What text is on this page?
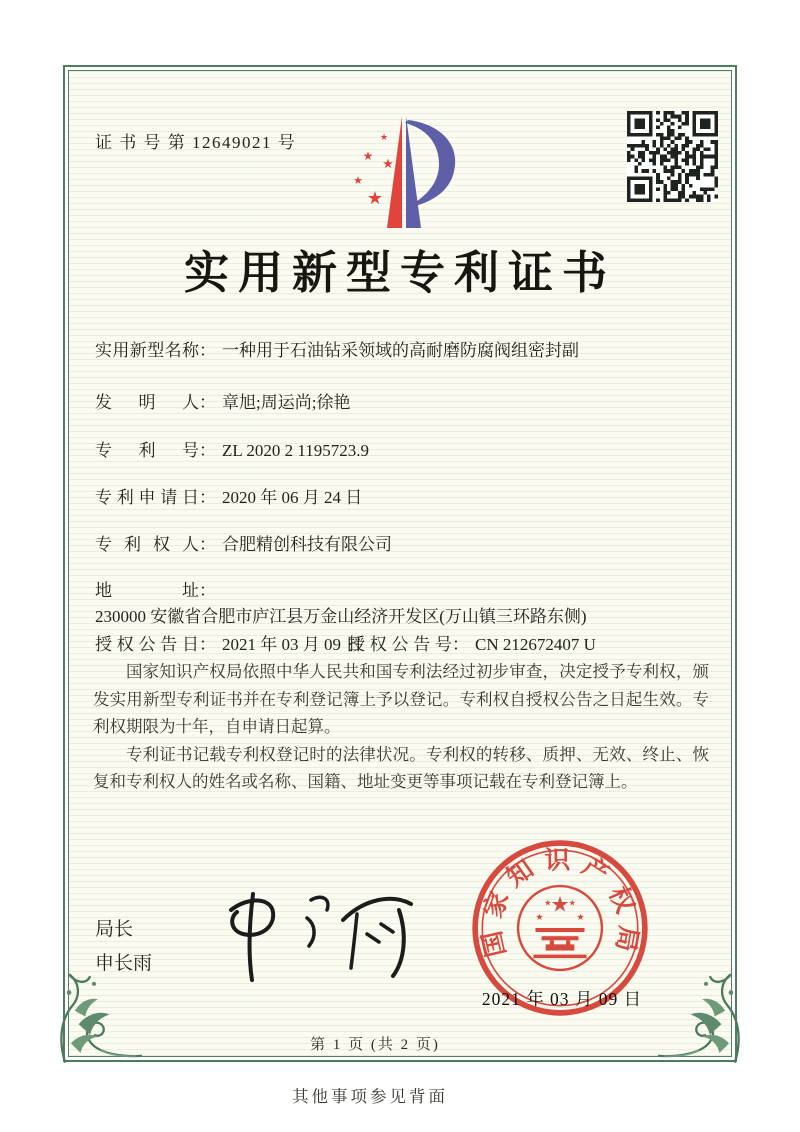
证 书 号 第 12649021 号	★
★
★
★
★
实用新型专利证书
实用新型名称： 一种用于石油钻采领域的高耐磨防腐阀组密封副
发明人： 章旭;周运尚;徐艳
专利号： ZL 2020 2 1195723.9
专利申请日： 2020 年 06 月 24 日
专利权人： 合肥精创科技有限公司
地址：230000 安徽省合肥市庐江县万金山经济开发区(万山镇三环路东侧)
授权公告日： 2021 年 03 月 09 日
授权公告号： CN 212672407 U

国家知识产权局依照中华人民共和国专利法经过初步审查，决定授予专利权，颁发实用新型专利证书并在专利登记簿上予以登记。专利权自授权公告之日起生效。专利权期限为十年，自申请日起算。

专利证书记载专利权登记时的法律状况。专利权的转移、质押、无效、终止、恢复和专利权人的姓名或名称、国籍、地址变更等事项记载在专利登记簿上。

局长
申长雨
国家知识产权局
★
★	★
★ ★
2021 年 03 月 09 日
第 1 页 (共 2 页)
其他事项参见背面
